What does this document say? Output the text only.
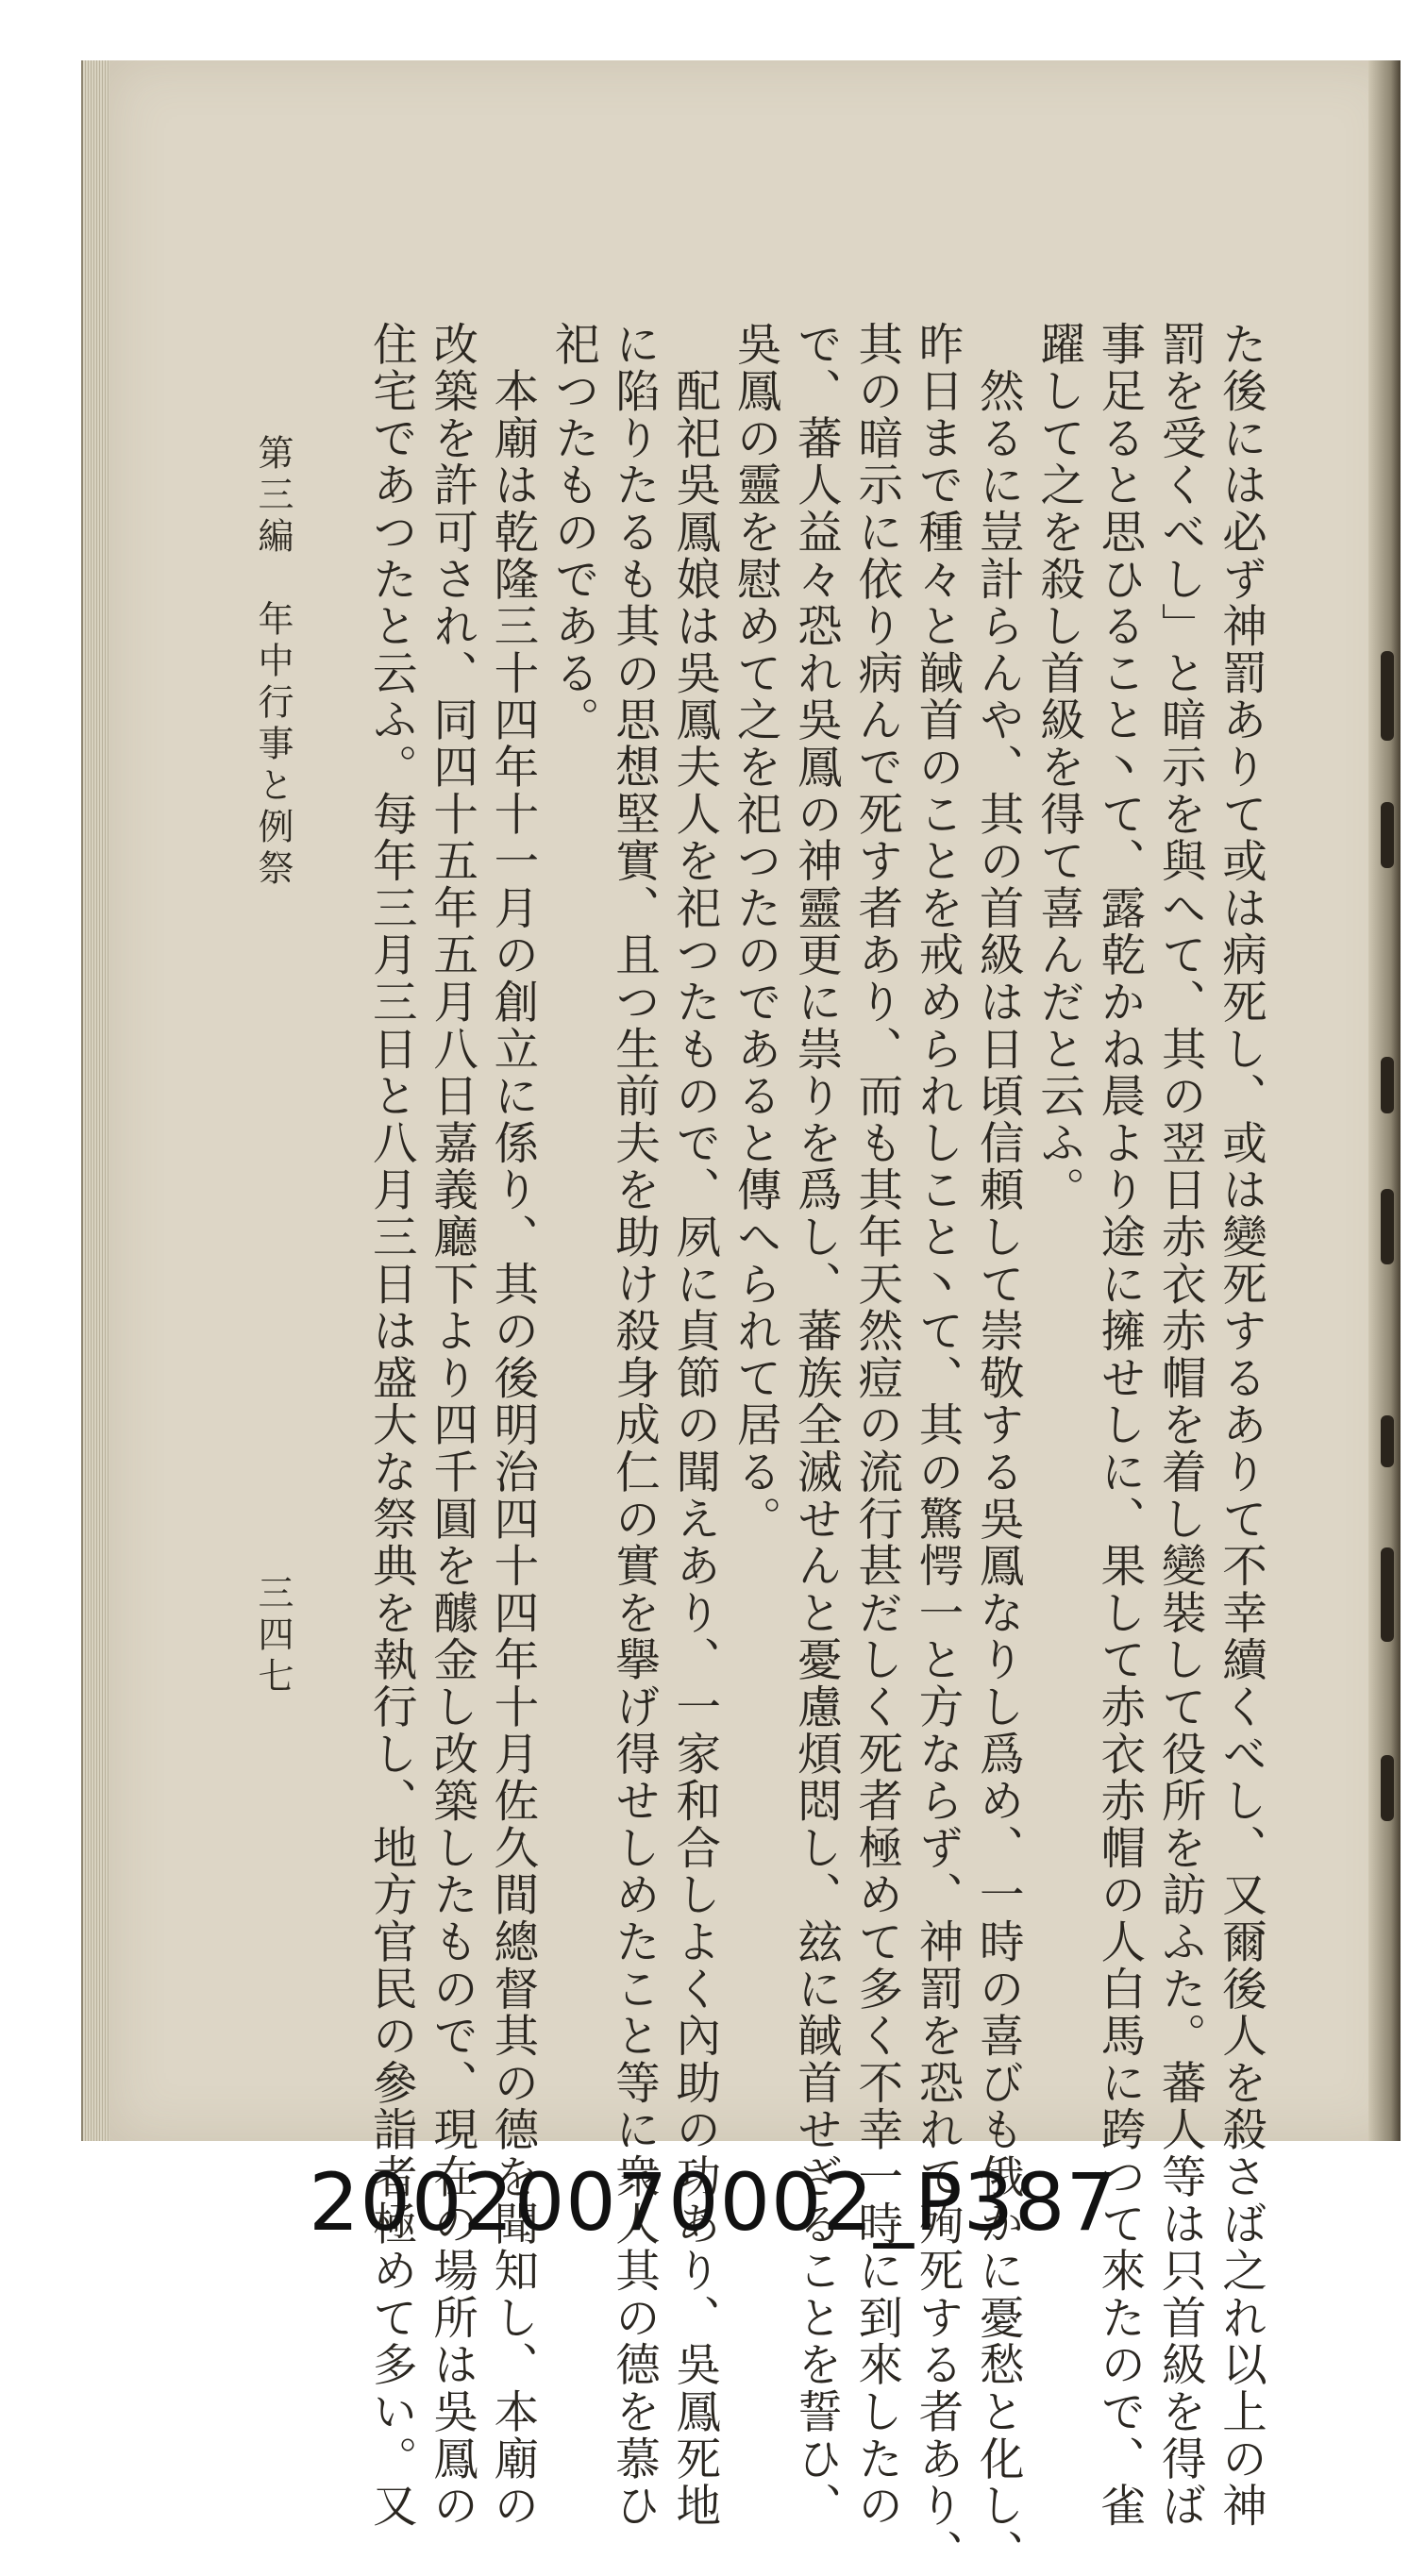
た後には必ず神罰ありて或は病死し、或は變死するありて不幸續くべし、又爾後人を殺さば之れ以上の神
罰を受くべし」と暗示を與へて、其の翌日赤衣赤帽を着し變裝して役所を訪ふた。蕃人等は只首級を得ば
事足ると思ひること丶て、露乾かね晨より途に擁せしに、果して赤衣赤帽の人白馬に跨つて來たので、雀
躍して之を殺し首級を得て喜んだと云ふ。
　然るに豈計らんや、其の首級は日頃信頼して崇敬する吳鳳なりし爲め、一時の喜びも俄かに憂愁と化し、
昨日まで種々と馘首のことを戒められしこと丶て、其の驚愕一と方ならず、神罰を恐れて殉死する者あり、
其の暗示に依り病んで死す者あり、而も其年天然痘の流行甚だしく死者極めて多く不幸一時に到來したの
で、蕃人益々恐れ吳鳳の神靈更に祟りを爲し、蕃族全滅せんと憂慮煩悶し、玆に馘首せざることを誓ひ、
吳鳳の靈を慰めて之を祀つたのであると傳へられて居る。
　配祀吳鳳娘は吳鳳夫人を祀つたもので、夙に貞節の聞えあり、一家和合しよく內助の功あり、吳鳳死地
に陷りたるも其の思想堅實、且つ生前夫を助け殺身成仁の實を擧げ得せしめたこと等に衆人其の德を慕ひ
祀つたものである。
　本廟は乾隆三十四年十一月の創立に係り、其の後明治四十四年十月佐久間總督其の德を聞知し、本廟の
改築を許可され、同四十五年五月八日嘉義廳下より四千圓を醵金し改築したもので、現在の場所は吳鳳の
住宅であつたと云ふ。每年三月三日と八月三日は盛大な祭典を執行し、地方官民の參詣者極めて多い。又
第三編　年中行事と例祭
三四七
20020070002_P387
